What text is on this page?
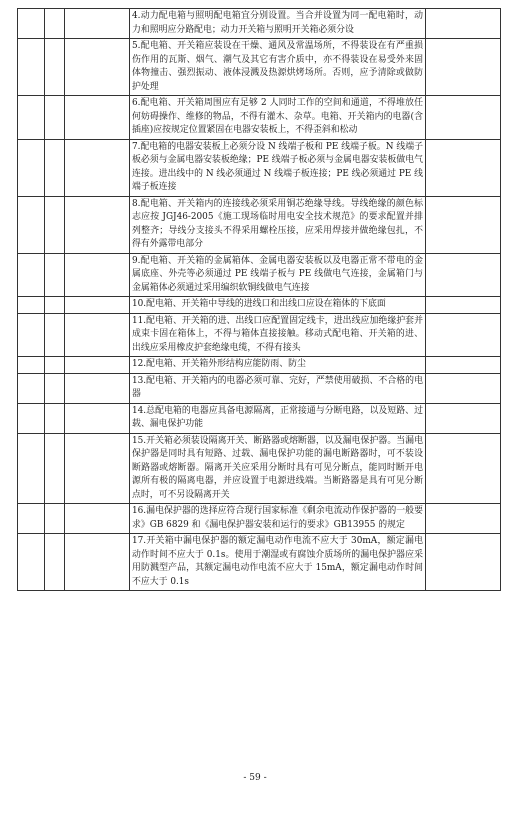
			4.动力配电箱与照明配电箱宜分别设置。当合并设置为同一配电箱时，动力和照明应分路配电；动力开关箱与照明开关箱必须分设	

			5.配电箱、开关箱应装设在干燥、通风及常温场所，不得装设在有严重损伤作用的瓦斯、烟气、潮气及其它有害介质中，亦不得装设在易受外来固体物撞击、强烈振动、液体浸溅及热源烘烤场所。否则，应予清除或做防护处理	

			6.配电箱、开关箱周围应有足够 2 人同时工作的空间和通道，不得堆放任何妨碍操作、维修的物品，不得有灌木、杂草。电箱、开关箱内的电器(含插座)应按规定位置紧固在电器安装板上，不得歪斜和松动	

			7.配电箱的电器安装板上必须分设 N 线端子板和 PE 线端子板。N 线端子板必须与金属电器安装板绝缘；PE 线端子板必须与金属电器安装板做电气连接。进出线中的 N 线必须通过 N 线端子板连接；PE 线必须通过 PE 线端子板连接	

			8.配电箱、开关箱内的连接线必须采用铜芯绝缘导线。导线绝缘的颜色标志应按 JGJ46-2005《施工现场临时用电安全技术规范》的要求配置并排列整齐；导线分支接头不得采用螺栓压接，应采用焊接并做绝缘包扎，不得有外露带电部分	

			9.配电箱、开关箱的金属箱体、金属电器安装板以及电器正常不带电的金属底座、外壳等必须通过 PE 线端子板与 PE 线做电气连接，金属箱门与金属箱体必须通过采用编织软铜线做电气连接	

			10.配电箱、开关箱中导线的进线口和出线口应设在箱体的下底面	

			11.配电箱、开关箱的进、出线口应配置固定线卡，进出线应加绝缘护套并成束卡固在箱体上，不得与箱体直接接触。移动式配电箱、开关箱的进、出线应采用橡皮护套绝缘电缆，不得有接头	

			12.配电箱、开关箱外形结构应能防雨、防尘	

			13.配电箱、开关箱内的电器必须可靠、完好，严禁使用破损、不合格的电器	

			14.总配电箱的电器应具备电源隔离，正常接通与分断电路，以及短路、过载、漏电保护功能	

			15.开关箱必须装设隔离开关、断路器或熔断器，以及漏电保护器。当漏电保护器是同时具有短路、过载、漏电保护功能的漏电断路器时，可不装设断路器或熔断器。隔离开关应采用分断时具有可见分断点，能同时断开电源所有极的隔离电器，并应设置于电源进线端。当断路器是具有可见分断点时，可不另设隔离开关	

			16.漏电保护器的选择应符合现行国家标准《剩余电流动作保护器的一般要求》GB 6829 和《漏电保护器安装和运行的要求》GB13955 的规定	

			17.开关箱中漏电保护器的额定漏电动作电流不应大于 30mA，额定漏电动作时间不应大于 0.1s。使用于潮湿或有腐蚀介质场所的漏电保护器应采用防溅型产品，其额定漏电动作电流不应大于 15mA，额定漏电动作时间不应大于 0.1s	

- 59 -
